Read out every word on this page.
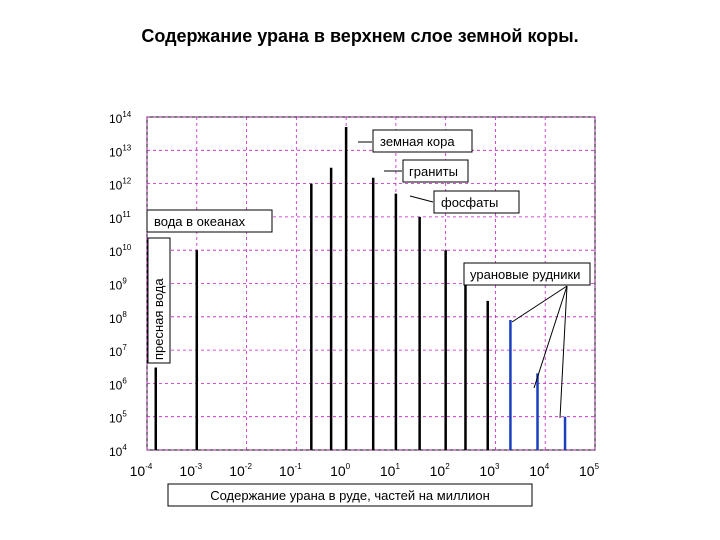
Содержание урана в верхнем слое земной коры.
$10^{-4}$ $10^{-3}$ $10^{-2}$ $10^{-1}$ $10^0$ $10^1$ $10^2$ $10^3$ $10^4$ $10^5$
$10^4$
$10^5$
$10^6$
$10^7$
$10^8$
$10^9$
$10^{10}$
$10^{11}$
$10^{12}$
$10^{13}$
$10^{14}$
земная кора
граниты
фосфаты
вода в океанах
пресная вода
урановые рудники
Содержание урана в руде, частей на миллион
